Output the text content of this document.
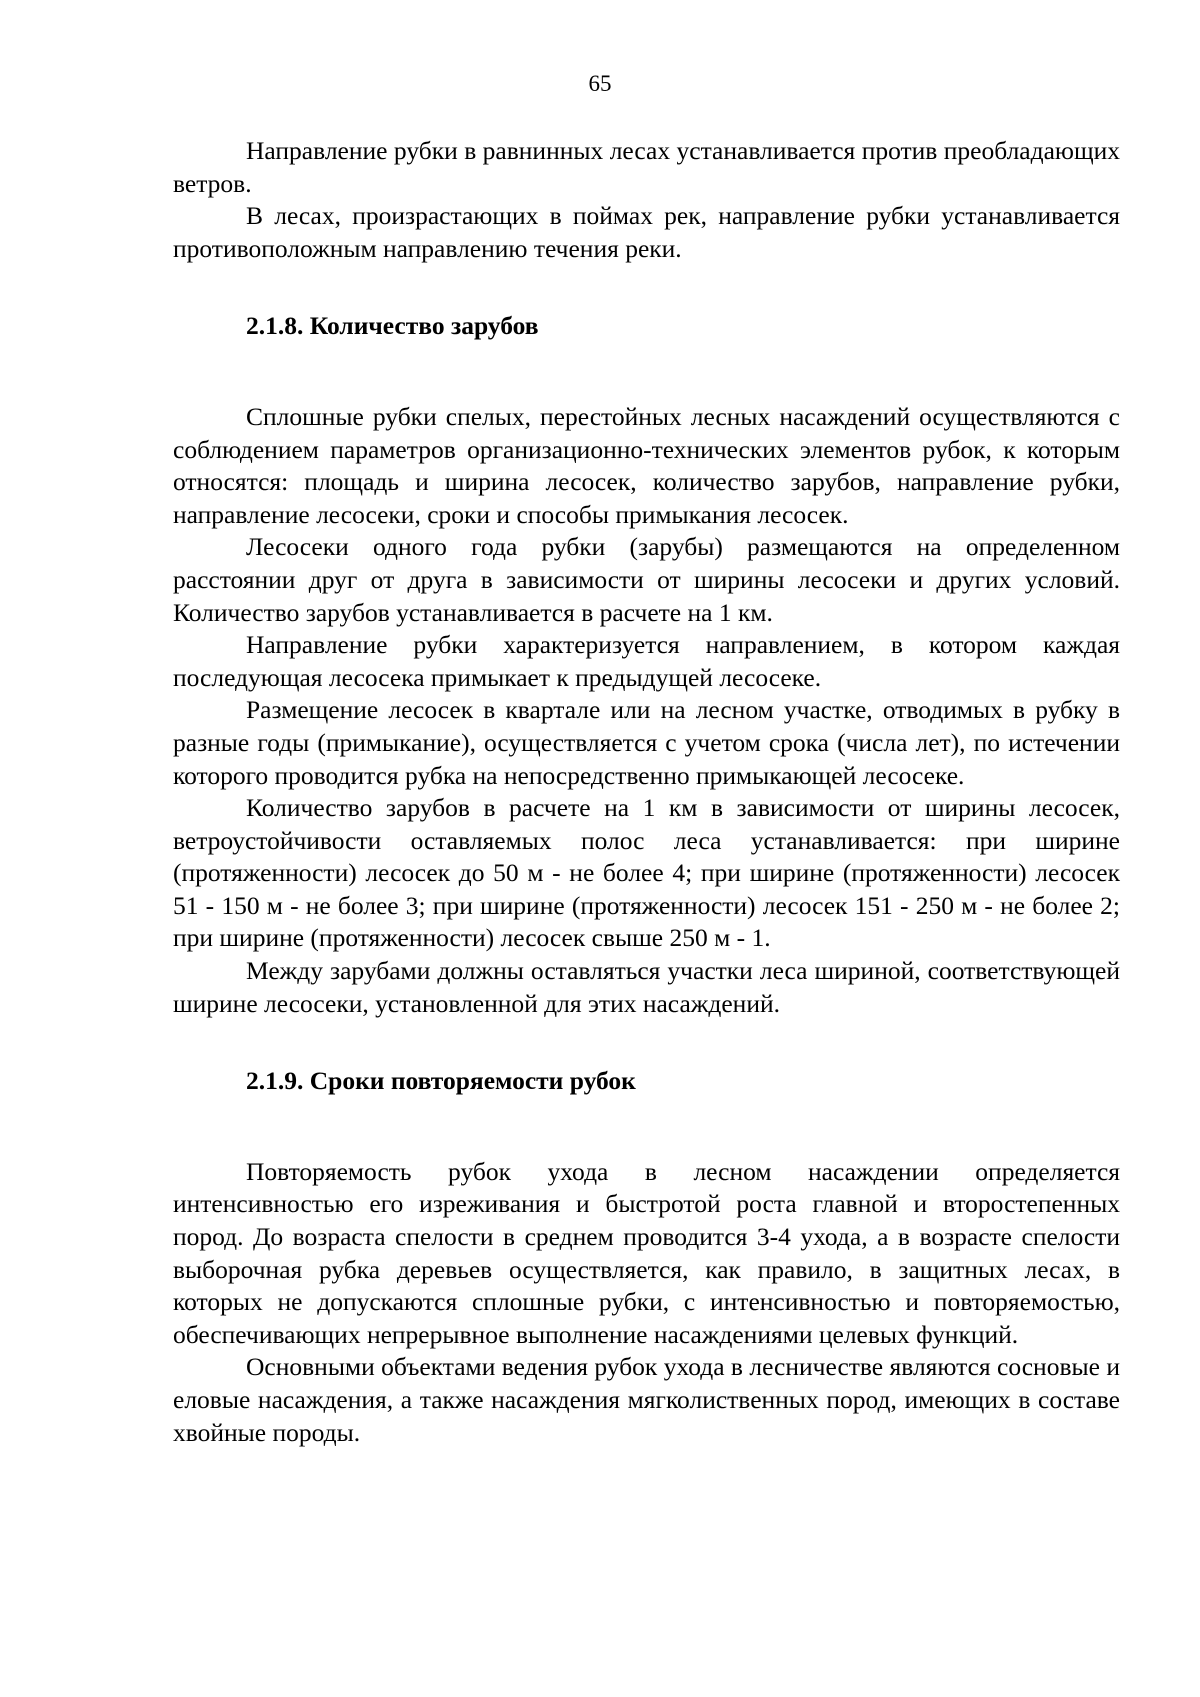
65

Направление рубки в равнинных лесах устанавливается против преобладающих ветров.

В лесах, произрастающих в поймах рек, направление рубки устанавливается противоположным направлению течения реки.

2.1.8. Количество зарубов

Сплошные рубки спелых, перестойных лесных насаждений осуществляются с соблюдением параметров организационно-технических элементов рубок, к которым относятся: площадь и ширина лесосек, количество зарубов, направление рубки, направление лесосеки, сроки и способы примыкания лесосек.

Лесосеки одного года рубки (зарубы) размещаются на определенном расстоянии друг от друга в зависимости от ширины лесосеки и других условий. Количество зарубов устанавливается в расчете на 1 км.

Направление рубки характеризуется направлением, в котором каждая последующая лесосека примыкает к предыдущей лесосеке.

Размещение лесосек в квартале или на лесном участке, отводимых в рубку в разные годы (примыкание), осуществляется с учетом срока (числа лет), по истечении которого проводится рубка на непосредственно примыкающей лесосеке.

Количество зарубов в расчете на 1 км в зависимости от ширины лесосек, ветроустойчивости оставляемых полос леса устанавливается: при ширине (протяженности) лесосек до 50 м - не более 4; при ширине (протяженности) лесосек 51 - 150 м - не более 3; при ширине (протяженности) лесосек 151 - 250 м - не более 2; при ширине (протяженности) лесосек свыше 250 м - 1.

Между зарубами должны оставляться участки леса шириной, соответствующей ширине лесосеки, установленной для этих насаждений.

2.1.9. Сроки повторяемости рубок

Повторяемость рубок ухода в лесном насаждении определяется интенсивностью его изреживания и быстротой роста главной и второстепенных пород. До возраста спелости в среднем проводится 3-4 ухода, а в возрасте спелости выборочная рубка деревьев осуществляется, как правило, в защитных лесах, в которых не допускаются сплошные рубки, с интенсивностью и повторяемостью, обеспечивающих непрерывное выполнение насаждениями целевых функций.

Основными объектами ведения рубок ухода в лесничестве являются сосновые и еловые насаждения, а также насаждения мягколиственных пород, имеющих в составе хвойные породы.
